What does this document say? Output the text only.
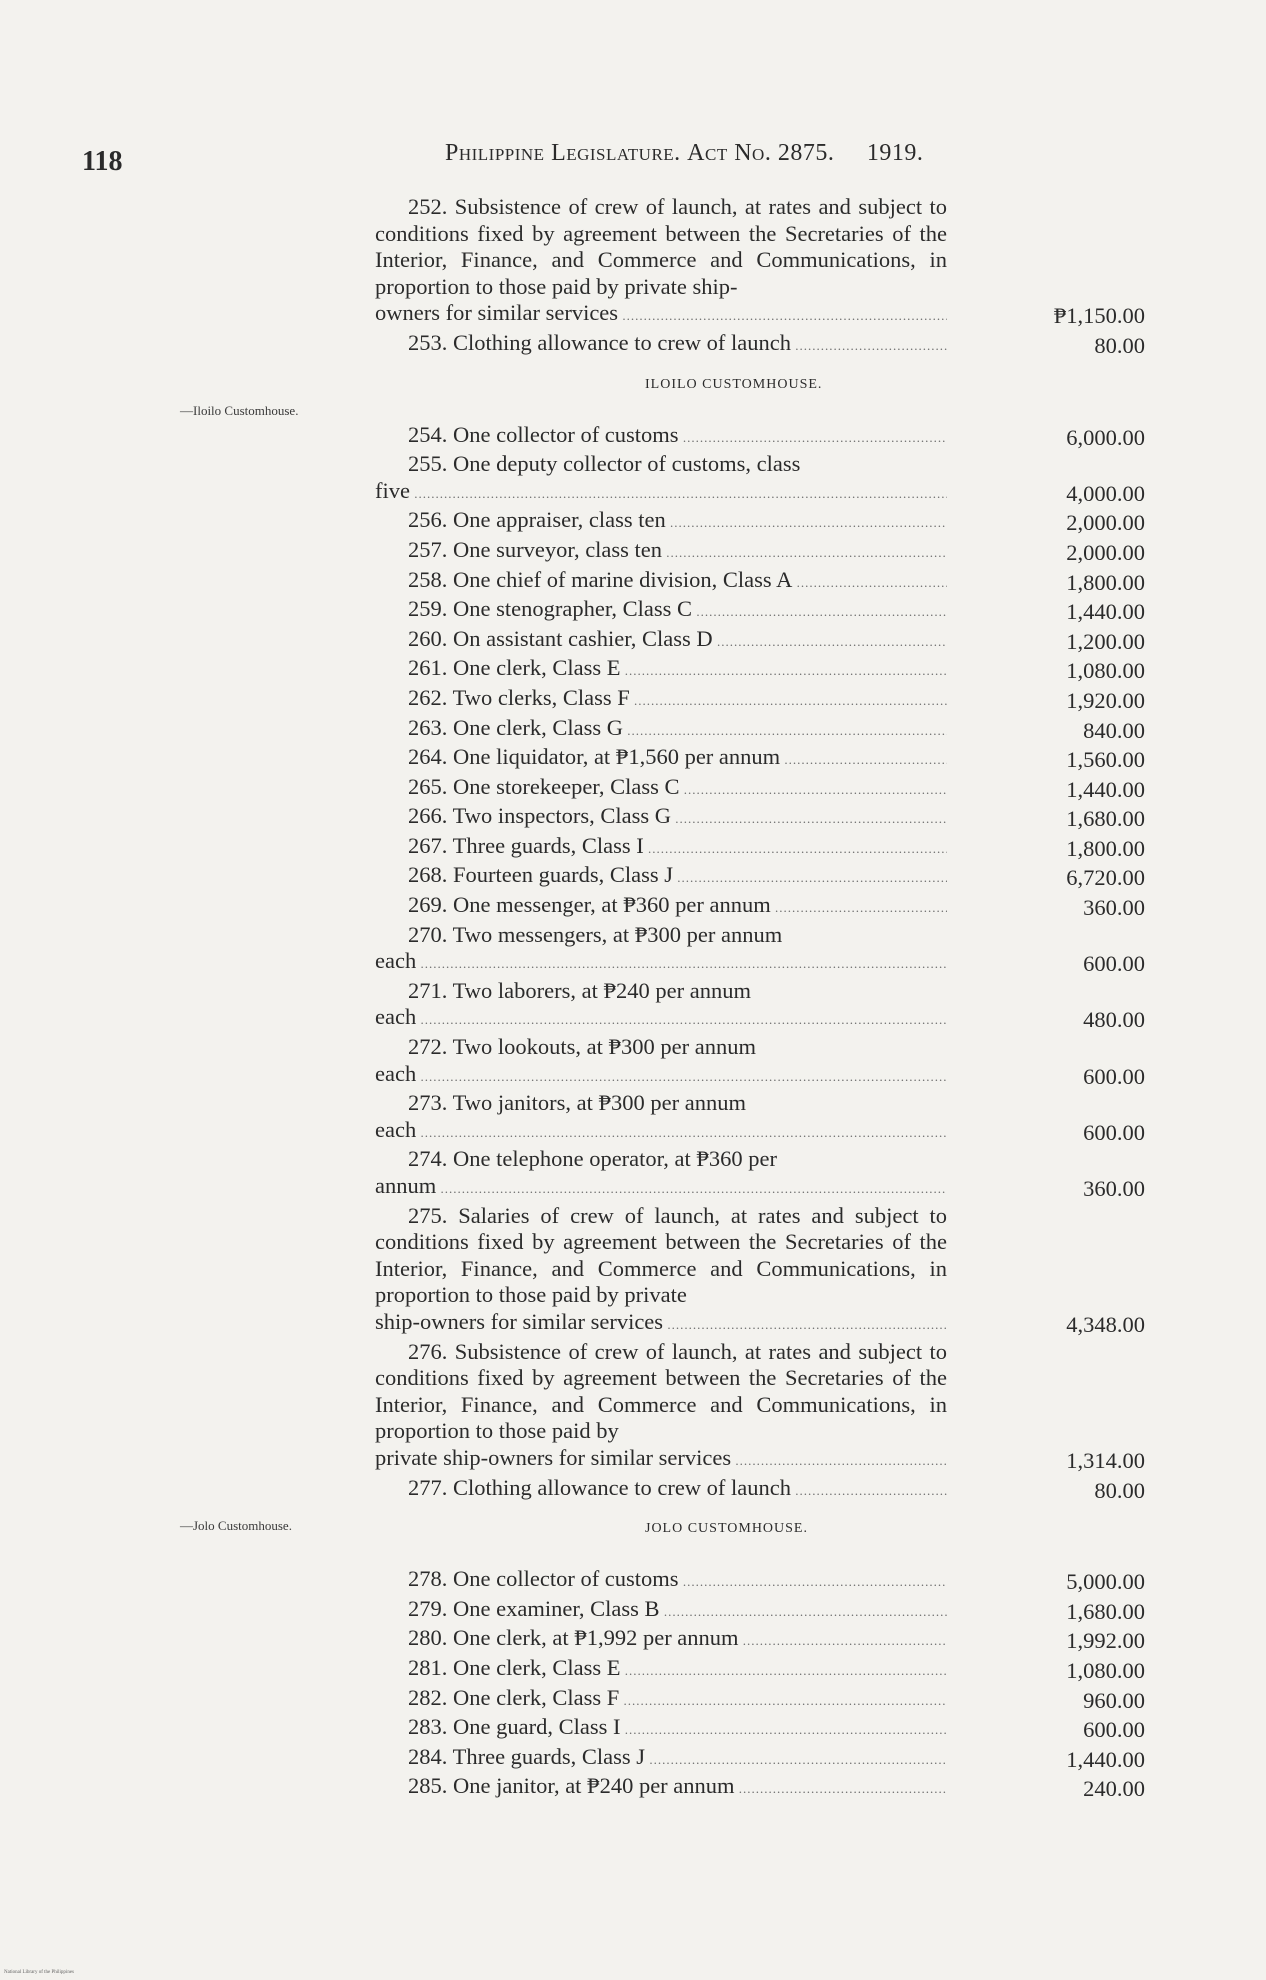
118	Philippine Legislature. Act No. 2875. 1919.
—Iloilo Customhouse.
—Jolo Customhouse.
252. Subsistence of crew of launch, at rates and subject to conditions fixed by agreement between the Secretaries of the Interior, Finance, and Commerce and Communications, in proportion to those paid by private ship-
owners for similar services .....	₱1,150.00
253. Clothing allowance to crew of launch .....	80.00
ILOILO CUSTOMHOUSE.
254. One collector of customs .....	6,000.00
255. One deputy collector of customs, class
five .....	4,000.00
256. One appraiser, class ten .....	2,000.00
257. One surveyor, class ten .....	2,000.00
258. One chief of marine division, Class A .....	1,800.00
259. One stenographer, Class C .....	1,440.00
260. On assistant cashier, Class D .....	1,200.00
261. One clerk, Class E .....	1,080.00
262. Two clerks, Class F .....	1,920.00
263. One clerk, Class G .....	840.00
264. One liquidator, at ₱1,560 per annum .....	1,560.00
265. One storekeeper, Class C .....	1,440.00
266. Two inspectors, Class G .....	1,680.00
267. Three guards, Class I .....	1,800.00
268. Fourteen guards, Class J .....	6,720.00
269. One messenger, at ₱360 per annum .....	360.00
270. Two messengers, at ₱300 per annum
each .....	600.00
271. Two laborers, at ₱240 per annum
each .....	480.00
272. Two lookouts, at ₱300 per annum
each .....	600.00
273. Two janitors, at ₱300 per annum
each .....	600.00
274. One telephone operator, at ₱360 per
annum .....	360.00
275. Salaries of crew of launch, at rates and subject to conditions fixed by agreement between the Secretaries of the Interior, Finance, and Commerce and Communications, in proportion to those paid by private
ship-owners for similar services .....	4,348.00
276. Subsistence of crew of launch, at rates and subject to conditions fixed by agreement between the Secretaries of the Interior, Finance, and Commerce and Communications, in proportion to those paid by
private ship-owners for similar services .....	1,314.00
277. Clothing allowance to crew of launch .....	80.00
JOLO CUSTOMHOUSE.
278. One collector of customs .....	5,000.00
279. One examiner, Class B .....	1,680.00
280. One clerk, at ₱1,992 per annum .....	1,992.00
281. One clerk, Class E .....	1,080.00
282. One clerk, Class F .....	960.00
283. One guard, Class I .....	600.00
284. Three guards, Class J .....	1,440.00
285. One janitor, at ₱240 per annum .....	240.00
National Library of the Philippines
